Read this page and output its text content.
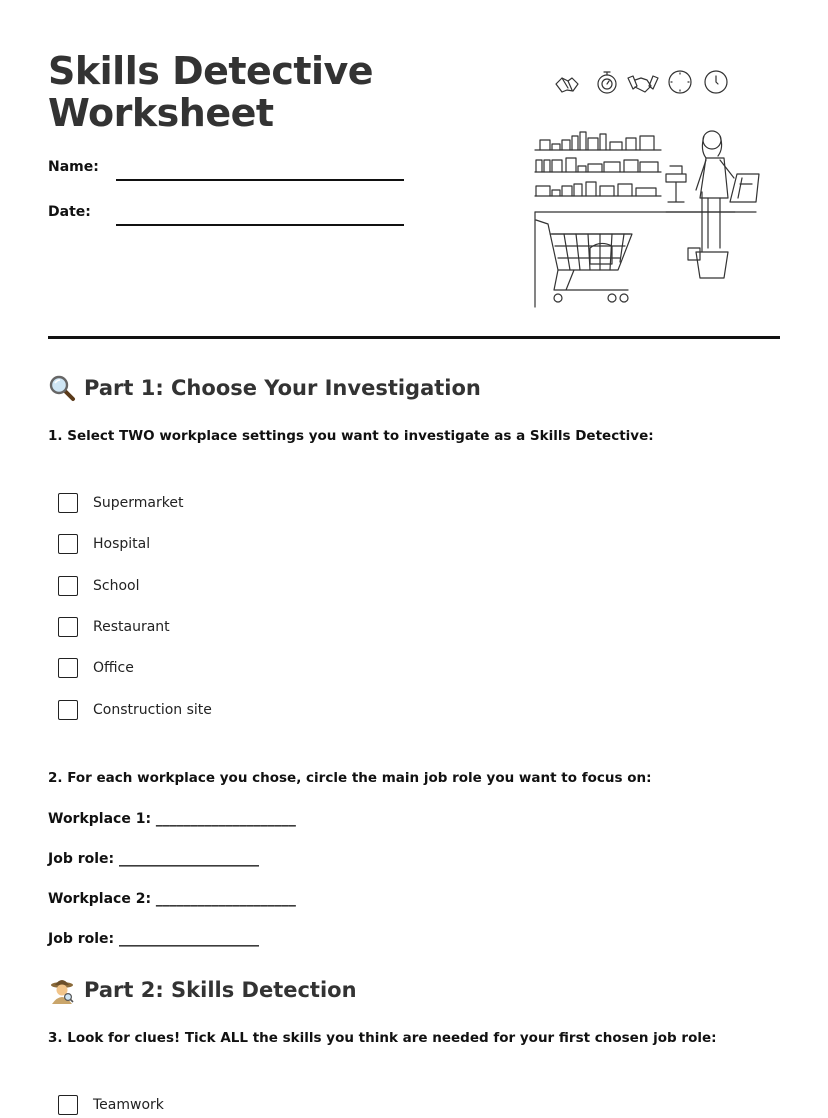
Skills Detective
Worksheet
Name:
Date:
Part 1: Choose Your Investigation

1. Select TWO workplace settings you want to investigate as a Skills Detective:

Supermarket
Hospital
School
Restaurant
Office
Construction site

2. For each workplace you chose, circle the main job role you want to focus on:

Workplace 1: ____________________
Job role: ____________________
Workplace 2: ____________________
Job role: ____________________
Part 2: Skills Detection

3. Look for clues! Tick ALL the skills you think are needed for your first chosen job role:

Teamwork
